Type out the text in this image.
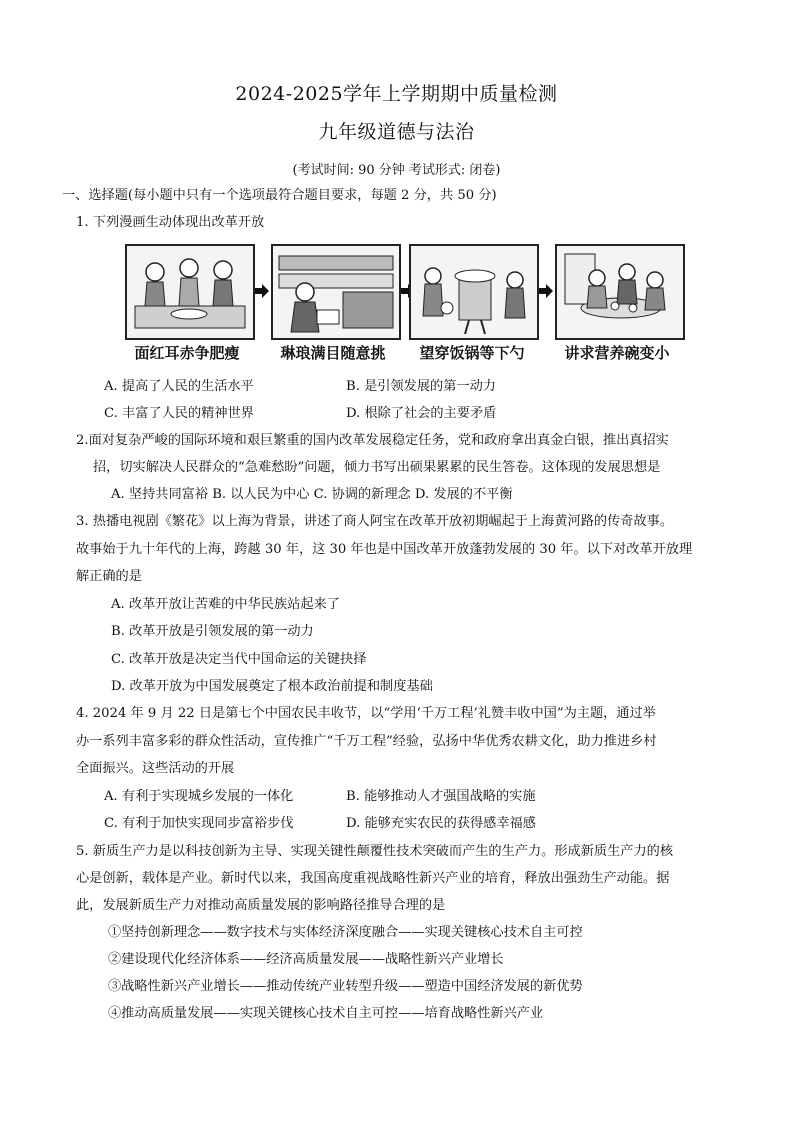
2024-2025学年上学期期中质量检测
九年级道德与法治
(考试时间: 90 分钟 考试形式: 闭卷)
一、选择题(每小题中只有一个选项最符合题目要求，每题 2 分，共 50 分)
1. 下列漫画生动体现出改革开放
面红耳赤争肥瘦	琳琅满目随意挑	望穿饭锅等下勺	讲求营养碗变小
A. 提高了人民的生活水平	B. 是引领发展的第一动力
C. 丰富了人民的精神世界	D. 根除了社会的主要矛盾
2.面对复杂严峻的国际环境和艰巨繁重的国内改革发展稳定任务，党和政府拿出真金白银，推出真招实
招，切实解决人民群众的“急难愁盼”问题，倾力书写出硕果累累的民生答卷。这体现的发展思想是
A. 坚持共同富裕 B. 以人民为中心 C. 协调的新理念 D. 发展的不平衡
3. 热播电视剧《繁花》以上海为背景，讲述了商人阿宝在改革开放初期崛起于上海黄河路的传奇故事。
故事始于九十年代的上海，跨越 30 年，这 30 年也是中国改革开放蓬勃发展的 30 年。以下对改革开放理
解正确的是
A. 改革开放让苦难的中华民族站起来了
B. 改革开放是引领发展的第一动力
C. 改革开放是决定当代中国命运的关键抉择
D. 改革开放为中国发展奠定了根本政治前提和制度基础
4. 2024 年 9 月 22 日是第七个中国农民丰收节，以“学用‘千万工程’礼赞丰收中国”为主题，通过举
办一系列丰富多彩的群众性活动，宣传推广“千万工程”经验，弘扬中华优秀农耕文化，助力推进乡村
全面振兴。这些活动的开展
A. 有利于实现城乡发展的一体化	B. 能够推动人才强国战略的实施
C. 有利于加快实现同步富裕步伐	D. 能够充实农民的获得感幸福感
5. 新质生产力是以科技创新为主导、实现关键性颠覆性技术突破而产生的生产力。形成新质生产力的核
心是创新，载体是产业。新时代以来，我国高度重视战略性新兴产业的培育，释放出强劲生产动能。据
此，发展新质生产力对推动高质量发展的影响路径推导合理的是
①坚持创新理念——数字技术与实体经济深度融合——实现关键核心技术自主可控
②建设现代化经济体系——经济高质量发展——战略性新兴产业增长
③战略性新兴产业增长——推动传统产业转型升级——塑造中国经济发展的新优势
④推动高质量发展——实现关键核心技术自主可控——培育战略性新兴产业
